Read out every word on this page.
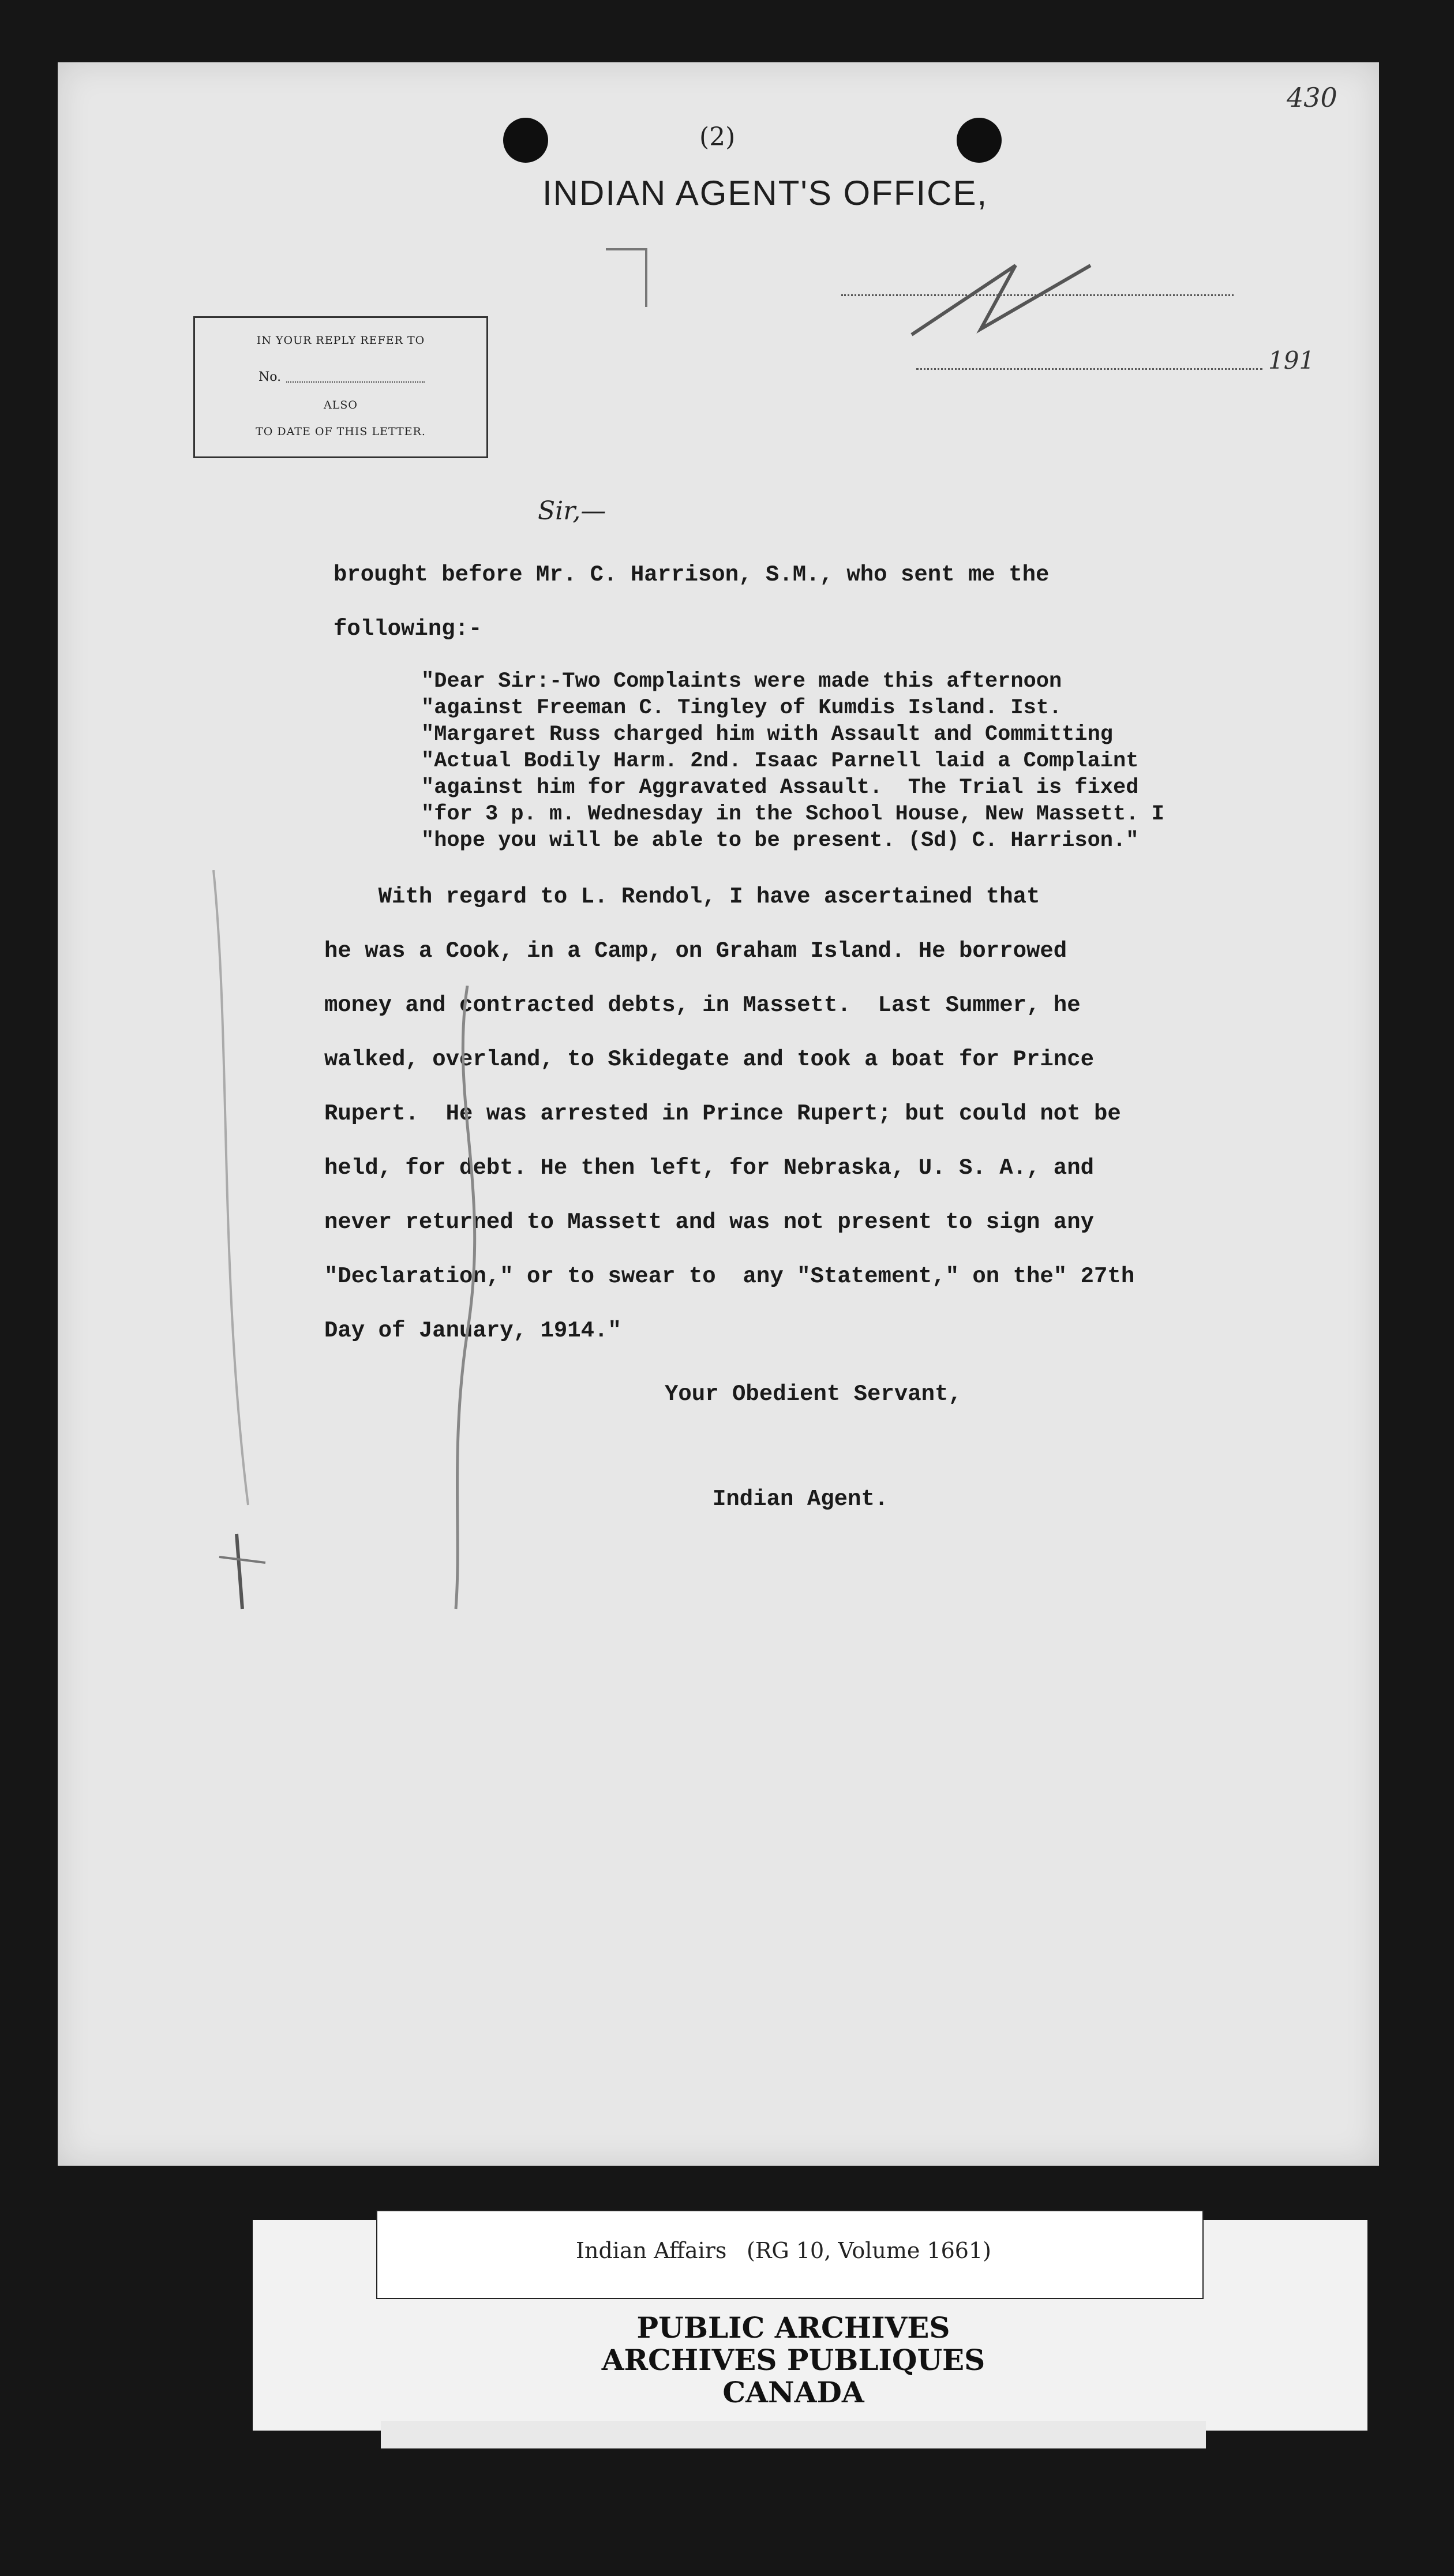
(2)
430
INDIAN AGENT'S OFFICE,
191
IN YOUR REPLY REFER TO
No.
ALSO
TO DATE OF THIS LETTER.
Sir,—
brought before Mr. C. Harrison, S.M., who sent me the
following:-
"Dear Sir:-Two Complaints were made this afternoon
"against Freeman C. Tingley of Kumdis Island. Ist.
"Margaret Russ charged him with Assault and Committing
"Actual Bodily Harm. 2nd. Isaac Parnell laid a Complaint
"against him for Aggravated Assault.  The Trial is fixed
"for 3 p. m. Wednesday in the School House, New Massett. I
"hope you will be able to be present. (Sd) C. Harrison."
With regard to L. Rendol, I have ascertained that
he was a Cook, in a Camp, on Graham Island. He borrowed
money and contracted debts, in Massett.  Last Summer, he
walked, overland, to Skidegate and took a boat for Prince
Rupert.  He was arrested in Prince Rupert; but could not be
held, for debt. He then left, for Nebraska, U. S. A., and
never returned to Massett and was not present to sign any
"Declaration," or to swear to  any "Statement," on the" 27th
Day of January, 1914."
Your Obedient Servant,
Indian Agent.
Indian Affairs (RG 10, Volume 1661)
PUBLIC ARCHIVES
ARCHIVES PUBLIQUES
CANADA
